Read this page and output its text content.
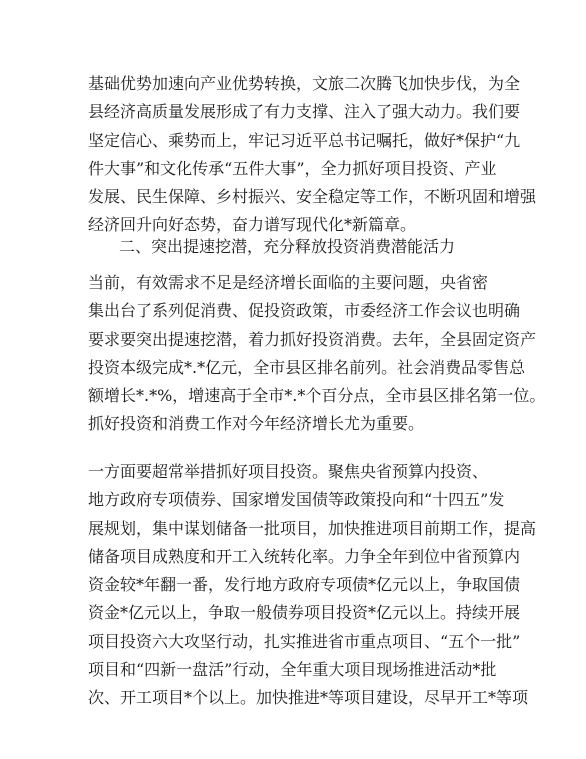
基础优势加速向产业优势转换，文旅二次腾飞加快步伐，为全
县经济高质量发展形成了有力支撑、注入了强大动力。我们要
坚定信心、乘势而上，牢记习近平总书记嘱托，做好*保护“九
件大事”和文化传承“五件大事”，全力抓好项目投资、产业
发展、民生保障、乡村振兴、安全稳定等工作，不断巩固和增强
经济回升向好态势，奋力谱写现代化*新篇章。
二、突出提速挖潜，充分释放投资消费潜能活力
当前，有效需求不足是经济增长面临的主要问题，央省密
集出台了系列促消费、促投资政策，市委经济工作会议也明确
要求要突出提速挖潜，着力抓好投资消费。去年，全县固定资产
投资本级完成*.*亿元，全市县区排名前列。社会消费品零售总
额增长*.*%，增速高于全市*.*个百分点，全市县区排名第一位。
抓好投资和消费工作对今年经济增长尤为重要。
一方面要超常举措抓好项目投资。聚焦央省预算内投资、
地方政府专项债券、国家增发国债等政策投向和“十四五”发
展规划，集中谋划储备一批项目，加快推进项目前期工作，提高
储备项目成熟度和开工入统转化率。力争全年到位中省预算内
资金较*年翻一番，发行地方政府专项债*亿元以上，争取国债
资金*亿元以上，争取一般债券项目投资*亿元以上。持续开展
项目投资六大攻坚行动，扎实推进省市重点项目、“五个一批”
项目和“四新一盘活”行动，全年重大项目现场推进活动*批
次、开工项目*个以上。加快推进*等项目建设，尽早开工*等项
